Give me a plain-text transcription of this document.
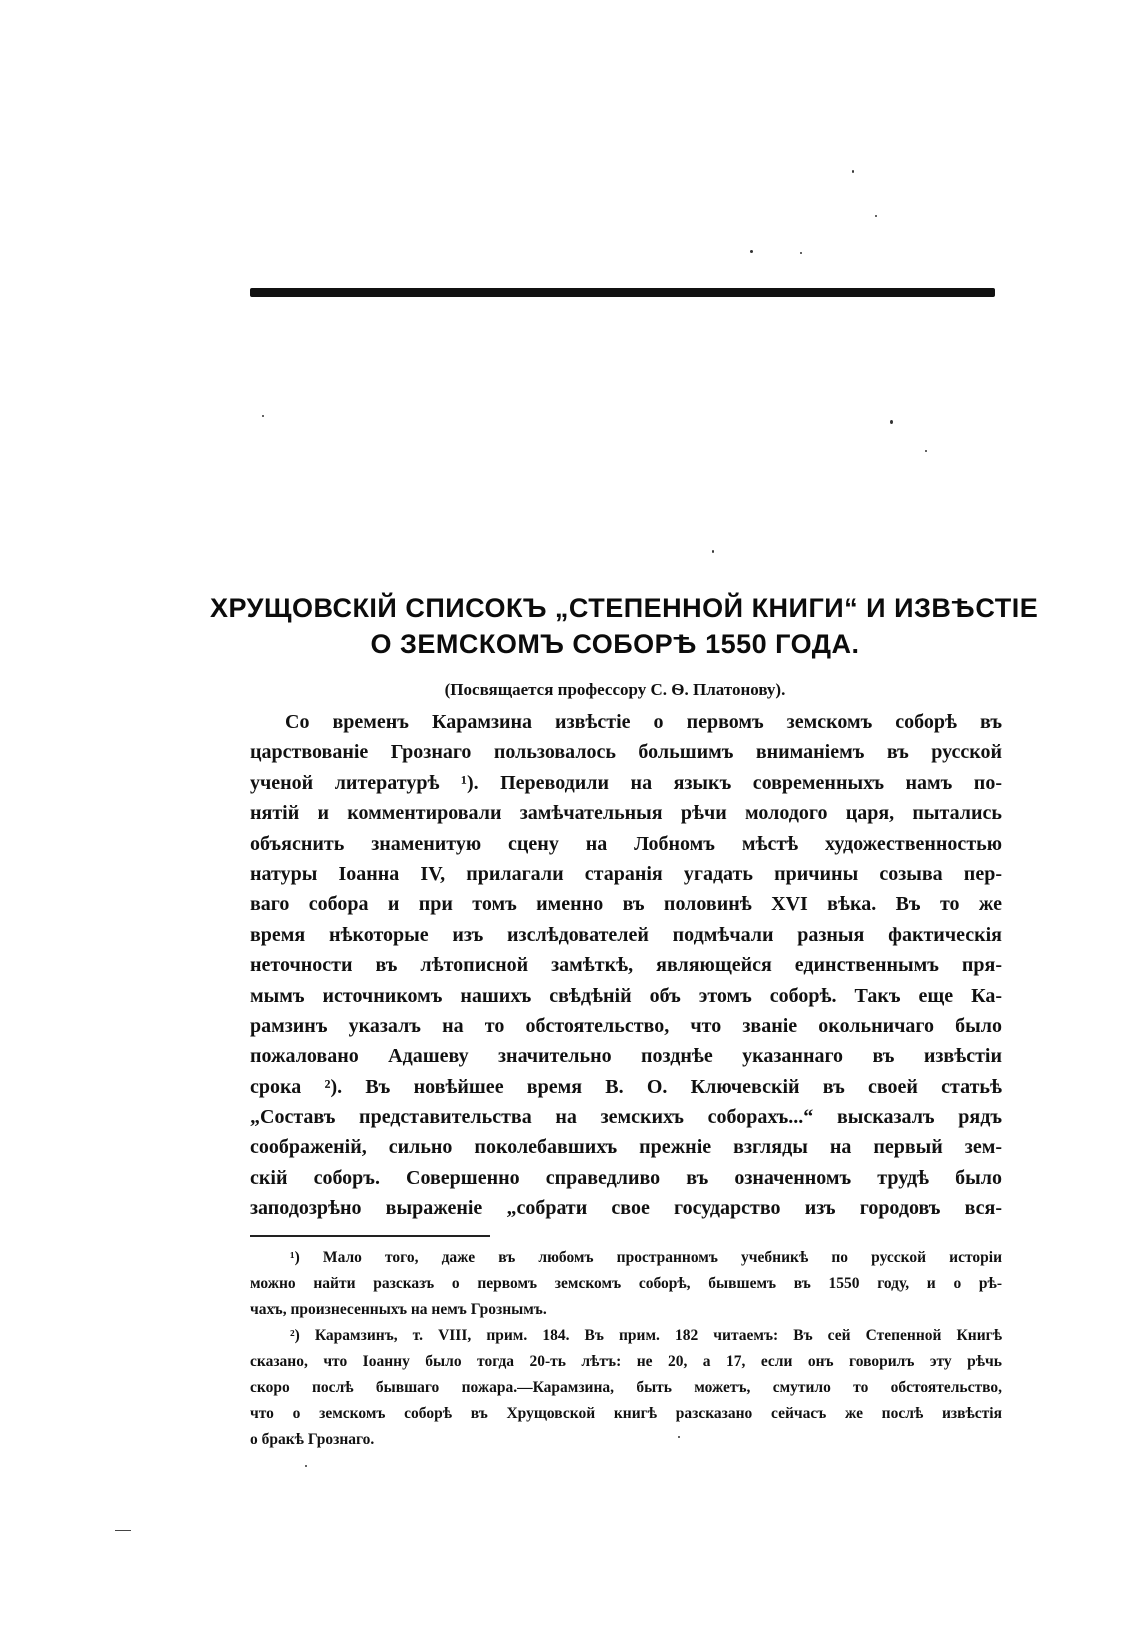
ХРУЩОВСКІЙ СПИСОКЪ „СТЕПЕННОЙ КНИГИ“ И ИЗВѢСТІЕ
О ЗЕМСКОМЪ СОБОРѢ 1550 ГОДА.
(Посвящается профессору С. Ѳ. Платонову).
Со временъ Карамзина извѣстіе о первомъ земскомъ соборѣ въ
царствованіе Грознаго пользовалось большимъ вниманіемъ въ русской
ученой литературѣ ¹). Переводили на языкъ современныхъ намъ по-
нятій и комментировали замѣчательныя рѣчи молодого царя, пытались
объяснить знаменитую сцену на Лобномъ мѣстѣ художественностью
натуры Іоанна IV, прилагали старанія угадать причины созыва пер-
ваго собора и при томъ именно въ половинѣ XVI вѣка. Въ то же
время нѣкоторые изъ изслѣдователей подмѣчали разныя фактическія
неточности въ лѣтописной замѣткѣ, являющейся единственнымъ пря-
мымъ источникомъ нашихъ свѣдѣній объ этомъ соборѣ. Такъ еще Ка-
рамзинъ указалъ на то обстоятельство, что званіе окольничаго было
пожаловано Адашеву значительно позднѣе указаннаго въ извѣстіи
срока ²). Въ новѣйшее время В. О. Ключевскій въ своей статьѣ
„Составъ представительства на земскихъ соборахъ...“ высказалъ рядъ
соображеній, сильно поколебавшихъ прежніе взгляды на первый зем-
скій соборъ. Совершенно справедливо въ означенномъ трудѣ было
заподозрѣно выраженіе „собрати свое государство изъ городовъ вся-
¹) Мало того, даже въ любомъ пространномъ учебникѣ по русской исторіи
можно найти разсказъ о первомъ земскомъ соборѣ, бывшемъ въ 1550 году, и о рѣ-
чахъ, произнесенныхъ на немъ Грознымъ.
²) Карамзинъ, т. VIII, прим. 184. Въ прим. 182 читаемъ: Въ сей Степенной Книгѣ
сказано, что Іоанну было тогда 20-ть лѣтъ: не 20, а 17, если онъ говорилъ эту рѣчь
скоро послѣ бывшаго пожара.—Карамзина, быть можетъ, смутило то обстоятельство,
что о земскомъ соборѣ въ Хрущовской книгѣ разсказано сейчасъ же послѣ извѣстія
о бракѣ Грознаго.
